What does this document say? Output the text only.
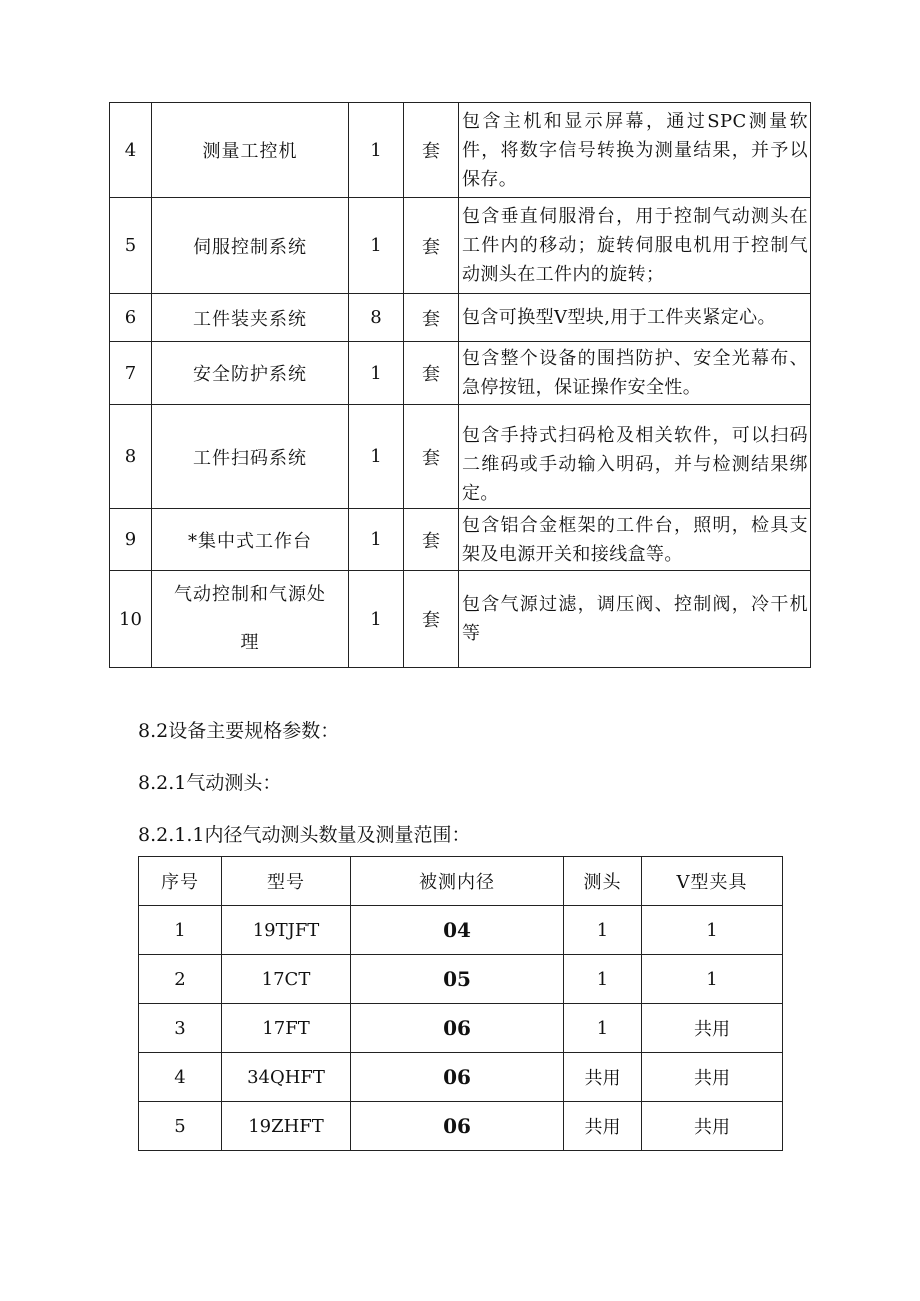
4	测量工控机	1	套	包含主机和显示屏幕，通过SPC测量软件，将数字信号转换为测量结果，并予以保存。
5	伺服控制系统	1	套	包含垂直伺服滑台，用于控制气动测头在工件内的移动；旋转伺服电机用于控制气动测头在工件内的旋转；
6	工件装夹系统	8	套	包含可换型V型块,用于工件夹紧定心。
7	安全防护系统	1	套	包含整个设备的围挡防护、安全光幕布、急停按钮，保证操作安全性。
8	工件扫码系统	1	套	包含手持式扫码枪及相关软件，可以扫码二维码或手动输入明码，并与检测结果绑定。
9	*集中式工作台	1	套	包含铝合金框架的工件台，照明，检具支架及电源开关和接线盒等。
10	气动控制和气源处理	1	套	包含气源过滤，调压阀、控制阀，冷干机等

8.2设备主要规格参数：

8.2.1气动测头：

8.2.1.1内径气动测头数量及测量范围：

序号	型号	被测内径	测头	V型夹具
1	19TJFT	04	1	1
2	17CT	05	1	1
3	17FT	06	1	共用
4	34QHFT	06	共用	共用
5	19ZHFT	06	共用	共用
